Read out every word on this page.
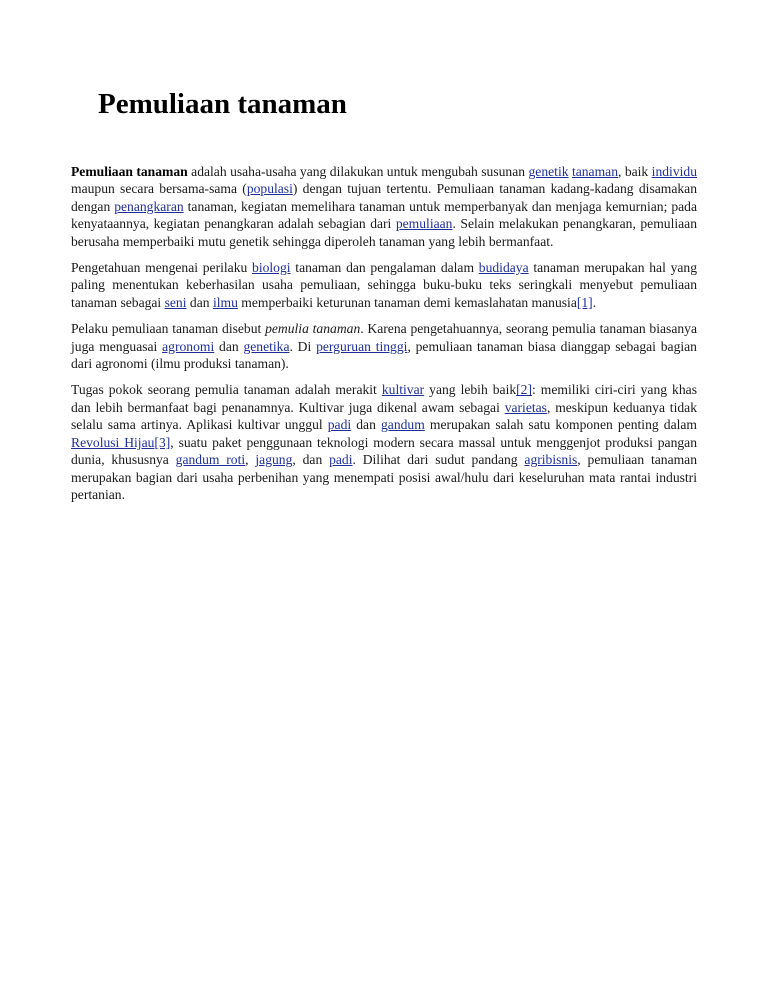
Pemuliaan tanaman

Pemuliaan tanaman adalah usaha-usaha yang dilakukan untuk mengubah susunan genetik tanaman, baik individu maupun secara bersama-sama (populasi) dengan tujuan tertentu. Pemuliaan tanaman kadang-kadang disamakan dengan penangkaran tanaman, kegiatan memelihara tanaman untuk memperbanyak dan menjaga kemurnian; pada kenyataannya, kegiatan penangkaran adalah sebagian dari pemuliaan. Selain melakukan penangkaran, pemuliaan berusaha memperbaiki mutu genetik sehingga diperoleh tanaman yang lebih bermanfaat.

Pengetahuan mengenai perilaku biologi tanaman dan pengalaman dalam budidaya tanaman merupakan hal yang paling menentukan keberhasilan usaha pemuliaan, sehingga buku-buku teks seringkali menyebut pemuliaan tanaman sebagai seni dan ilmu memperbaiki keturunan tanaman demi kemaslahatan manusia[1].

Pelaku pemuliaan tanaman disebut pemulia tanaman. Karena pengetahuannya, seorang pemulia tanaman biasanya juga menguasai agronomi dan genetika. Di perguruan tinggi, pemuliaan tanaman biasa dianggap sebagai bagian dari agronomi (ilmu produksi tanaman).

Tugas pokok seorang pemulia tanaman adalah merakit kultivar yang lebih baik[2]: memiliki ciri-ciri yang khas dan lebih bermanfaat bagi penanamnya. Kultivar juga dikenal awam sebagai varietas, meskipun keduanya tidak selalu sama artinya. Aplikasi kultivar unggul padi dan gandum merupakan salah satu komponen penting dalam Revolusi Hijau[3], suatu paket penggunaan teknologi modern secara massal untuk menggenjot produksi pangan dunia, khususnya gandum roti, jagung, dan padi. Dilihat dari sudut pandang agribisnis, pemuliaan tanaman merupakan bagian dari usaha perbenihan yang menempati posisi awal/hulu dari keseluruhan mata rantai industri pertanian.
